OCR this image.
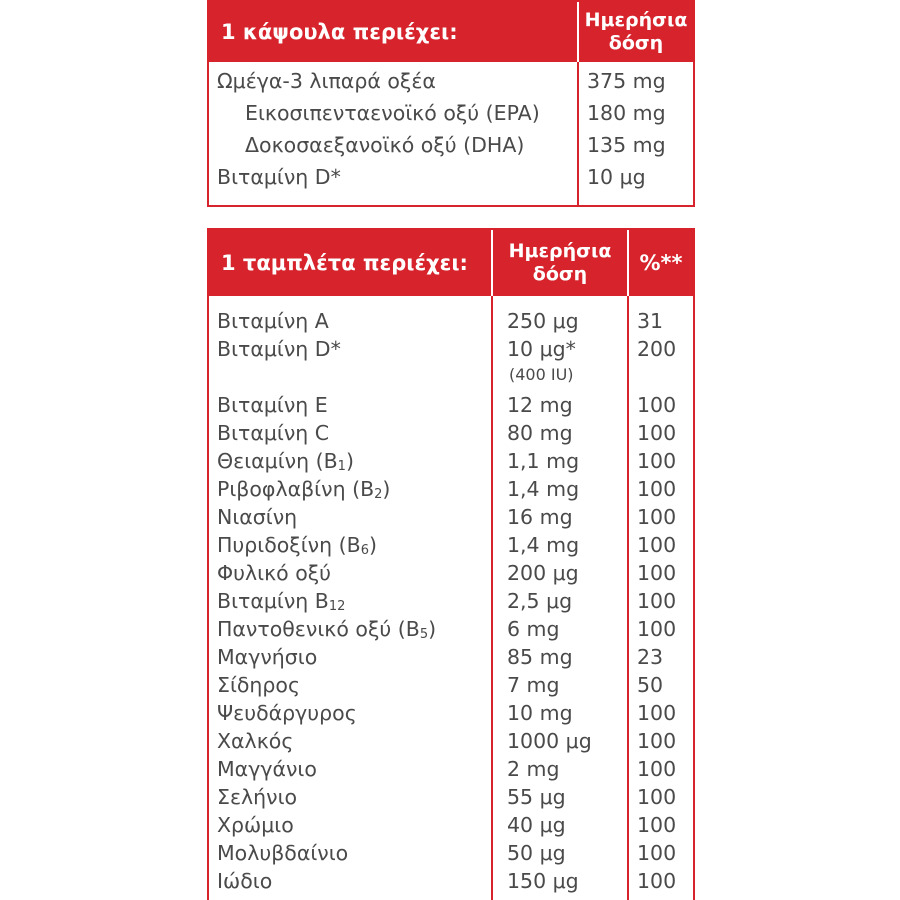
1 κάψουλα περιέχει:	Ημερήσια δόση
Ωμέγα-3 λιπαρά οξέα	375 mg
Εικοσιπενταενοϊκό οξύ (EPA) 180 mg
Δοκοσαεξανοϊκό οξύ (DHA)	135 mg
Βιταμίνη D*	10 μg
1 ταμπλέτα περιέχει:	Ημερήσια δόση	%**
Βιταμίνη A	250 μg	31
Βιταμίνη D*	10 μg*	200
(400 IU)
Βιταμίνη E	12 mg	100
Βιταμίνη C	80 mg	100
Θειαμίνη $(B_1)$	1,1 mg	100
Ριβοφλαβίνη $(B_2)$	1,4 mg	100
Νιασίνη	16 mg	100
Πυριδοξίνη $(B_6)$	1,4 mg	100
Φυλικό οξύ	200 μg	100
Βιταμίνη $B_{12}$	2,5 μg	100
Παντοθενικό οξύ $(B_5)$	6 mg	100
Μαγνήσιο	85 mg	23
Σίδηρος	7 mg	50
Ψευδάργυρος	10 mg	100
Χαλκός	1000 μg 100
Μαγγάνιο	2 mg	100
Σελήνιο	55 μg	100
Χρώμιο	40 μg	100
Μολυβδαίνιο	50 μg	100
Ιώδιο	150 μg	100
